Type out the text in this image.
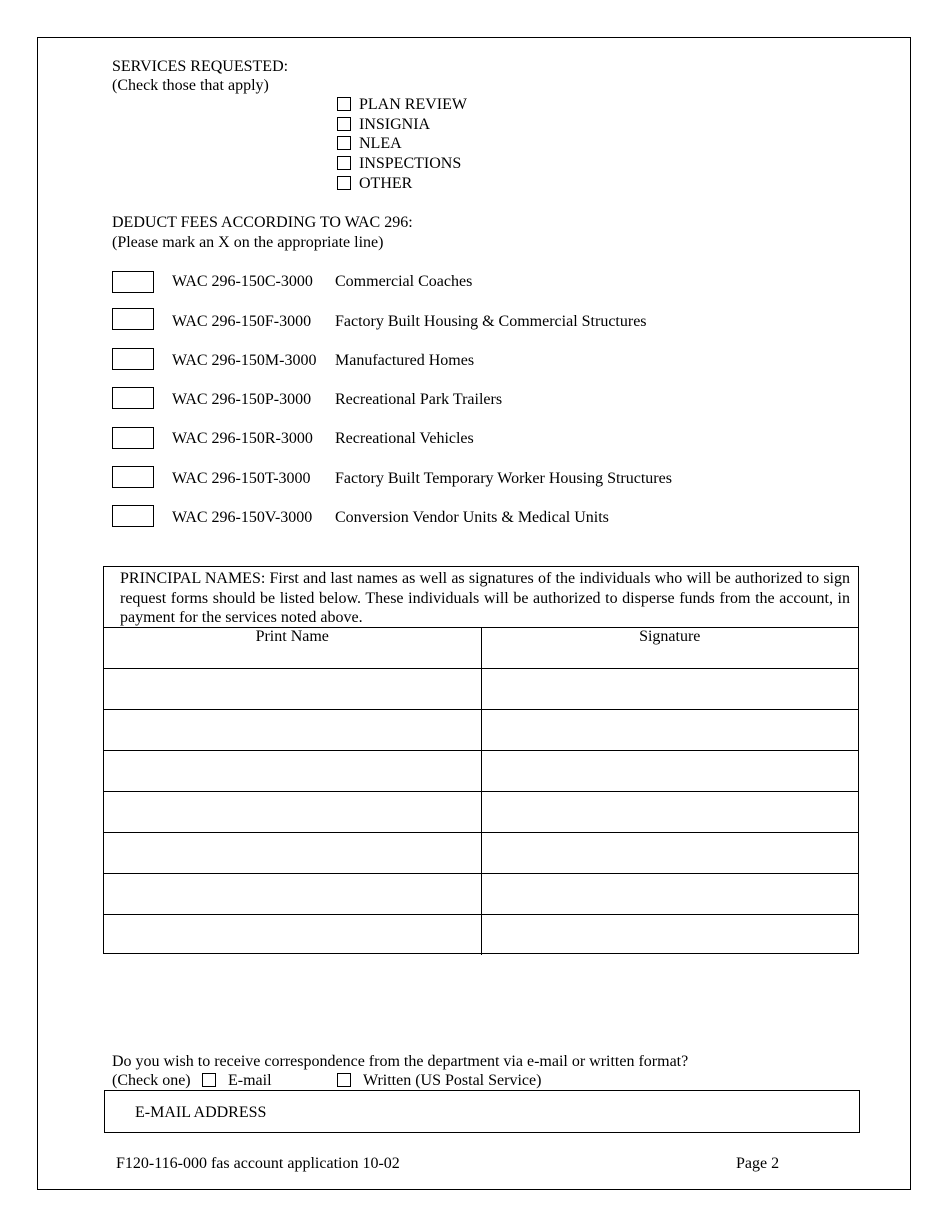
SERVICES REQUESTED:
(Check those that apply)
PLAN REVIEW
INSIGNIA
NLEA
INSPECTIONS
OTHER
DEDUCT FEES ACCORDING TO WAC 296:
(Please mark an X on the appropriate line)
WAC 296-150C-3000 Commercial Coaches
WAC 296-150F-3000 Factory Built Housing & Commercial Structures
WAC 296-150M-3000 Manufactured Homes
WAC 296-150P-3000 Recreational Park Trailers
WAC 296-150R-3000 Recreational Vehicles
WAC 296-150T-3000 Factory Built Temporary Worker Housing Structures
WAC 296-150V-3000 Conversion Vendor Units & Medical Units
PRINCIPAL NAMES: First and last names as well as signatures of the individuals who will be authorized to sign request forms should be listed below. These individuals will be authorized to disperse funds from the account, in payment for the services noted above.
Print Name	Signature

Do you wish to receive correspondence from the department via e-mail or written format?
(Check one) E-mail	Written (US Postal Service)
E-MAIL ADDRESS
F120-116-000 fas account application 10-02	Page 2
